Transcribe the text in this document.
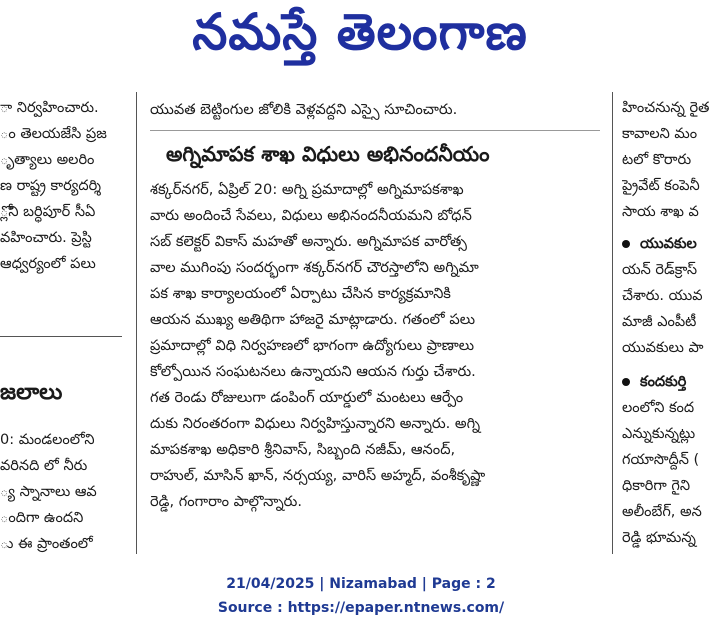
నమస్తే తెలంగాణ
ా నిర్వహించారు.
ం తెలయజేసి ప్రజ
ృత్యాలు అలరిం
ణ రాష్ట్ర కార్యదర్శి
్లోని బర్ధిపూర్ సీఏ
వహించారు. ప్రెస్టి
ఆధ్వర్యంలో పలు
జలాలు
0: మండలంలోని
వరినది లో నీరు
్య స్నానాలు ఆవ
ందిగా ఉందని
ు ఈ ప్రాంతంలో
యువత బెట్టింగుల జోలికి వెళ్లవద్దని ఎస్సై సూచించారు.
అగ్నిమాపక శాఖ విధులు అభినందనీయం
శక్కర్‌నగర్, ఏప్రిల్ 20: అగ్ని ప్రమాదాల్లో అగ్నిమాపకశాఖ
వారు అందించే సేవలు, విధులు అభినందనీయమని బోధన్
సబ్ కలెక్టర్ వికాస్ మహతో అన్నారు. అగ్నిమాపక వారోత్స
వాల ముగింపు సందర్భంగా శక్కర్‌నగర్ చౌరస్తాలోని అగ్నిమా
పక శాఖ కార్యాలయంలో ఏర్పాటు చేసిన కార్యక్రమానికి
ఆయన ముఖ్య అతిథిగా హాజరై మాట్లాడారు. గతంలో పలు
ప్రమాదాల్లో విధి నిర్వహణలో భాగంగా ఉద్యోగులు ప్రాణాలు
కోల్పోయిన సంఘటనలు ఉన్నాయని ఆయన గుర్తు చేశారు.
గత రెండు రోజులుగా డంపింగ్ యార్డులో మంటలు ఆర్పేం
దుకు నిరంతరంగా విధులు నిర్వహిస్తున్నారని అన్నారు. అగ్ని
మాపకశాఖ అధికారి శ్రీనివాస్, సిబ్బంది నజీమ్, ఆనంద్,
రాహుల్, మాసిన్ ఖాన్, నర్సయ్య, వారిస్ అహ్మద్, వంశీకృష్ణా
రెడ్డి, గంగారాం పాల్గొన్నారు.
హించనున్న రైత
కావాలని మం
టలో కొరారు
ప్రైవేట్ కంపెనీ
సాయ శాఖ వ
యువకుల
యన్ రెడ్‌క్రాస్
చేశారు. యువ
మాజీ ఎంపీటీ
యువకులు పా
కందకుర్తి
లంలోని కంద
ఎన్నుకున్నట్లు
గయాసొద్దీన్ (
ధికారిగా గైని
అలీంబేగ్, అన
రెడ్డి భూమన్న
21/04/2025 | Nizamabad | Page : 2
Source : https://epaper.ntnews.com/
